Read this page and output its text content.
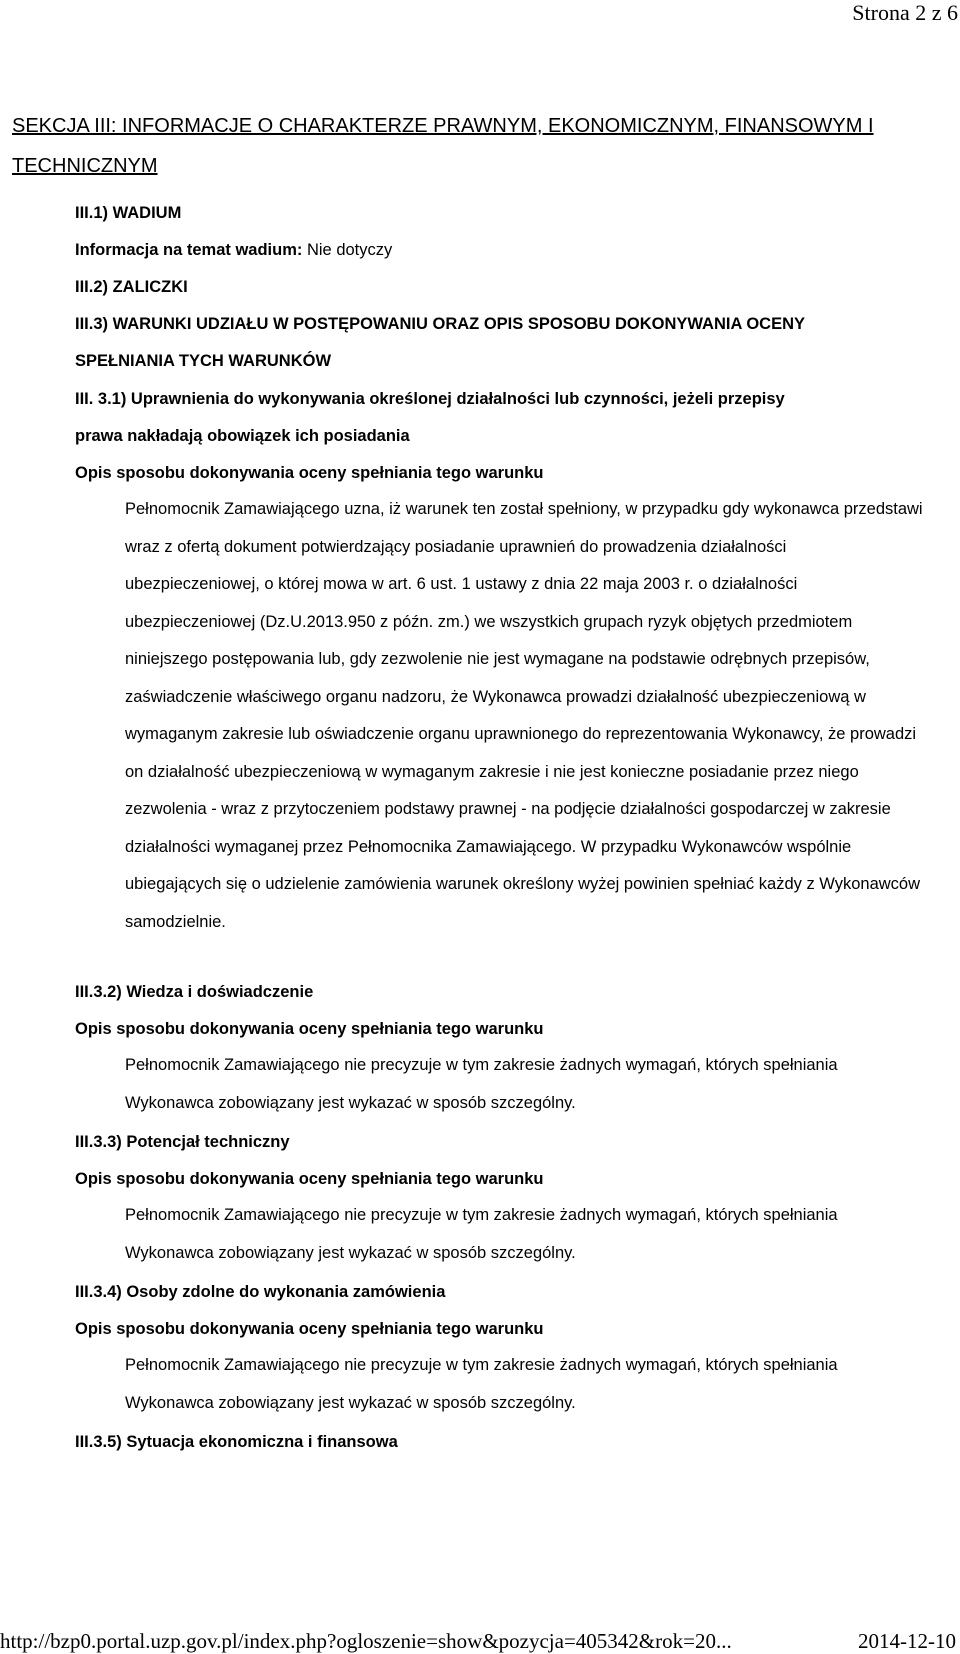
Strona 2 z 6
SEKCJA III: INFORMACJE O CHARAKTERZE PRAWNYM, EKONOMICZNYM, FINANSOWYM I TECHNICZNYM
III.1) WADIUM
Informacja na temat wadium: Nie dotyczy
III.2) ZALICZKI
III.3) WARUNKI UDZIAŁU W POSTĘPOWANIU ORAZ OPIS SPOSOBU DOKONYWANIA OCENY
SPEŁNIANIA TYCH WARUNKÓW
III. 3.1) Uprawnienia do wykonywania określonej działalności lub czynności, jeżeli przepisy
prawa nakładają obowiązek ich posiadania
Opis sposobu dokonywania oceny spełniania tego warunku
Pełnomocnik Zamawiającego uzna, iż warunek ten został spełniony, w przypadku gdy wykonawca przedstawi wraz z ofertą dokument potwierdzający posiadanie uprawnień do prowadzenia działalności ubezpieczeniowej, o której mowa w art. 6 ust. 1 ustawy z dnia 22 maja 2003 r. o działalności ubezpieczeniowej (Dz.U.2013.950 z późn. zm.) we wszystkich grupach ryzyk objętych przedmiotem niniejszego postępowania lub, gdy zezwolenie nie jest wymagane na podstawie odrębnych przepisów, zaświadczenie właściwego organu nadzoru, że Wykonawca prowadzi działalność ubezpieczeniową w wymaganym zakresie lub oświadczenie organu uprawnionego do reprezentowania Wykonawcy, że prowadzi on działalność ubezpieczeniową w wymaganym zakresie i nie jest konieczne posiadanie przez niego zezwolenia - wraz z przytoczeniem podstawy prawnej - na podjęcie działalności gospodarczej w zakresie działalności wymaganej przez Pełnomocnika Zamawiającego. W przypadku Wykonawców wspólnie ubiegających się o udzielenie zamówienia warunek określony wyżej powinien spełniać każdy z Wykonawców samodzielnie.
III.3.2) Wiedza i doświadczenie
Opis sposobu dokonywania oceny spełniania tego warunku
Pełnomocnik Zamawiającego nie precyzuje w tym zakresie żadnych wymagań, których spełniania Wykonawca zobowiązany jest wykazać w sposób szczególny.
III.3.3) Potencjał techniczny
Opis sposobu dokonywania oceny spełniania tego warunku
Pełnomocnik Zamawiającego nie precyzuje w tym zakresie żadnych wymagań, których spełniania Wykonawca zobowiązany jest wykazać w sposób szczególny.
III.3.4) Osoby zdolne do wykonania zamówienia
Opis sposobu dokonywania oceny spełniania tego warunku
Pełnomocnik Zamawiającego nie precyzuje w tym zakresie żadnych wymagań, których spełniania Wykonawca zobowiązany jest wykazać w sposób szczególny.
III.3.5) Sytuacja ekonomiczna i finansowa
http://bzp0.portal.uzp.gov.pl/index.php?ogloszenie=show&pozycja=405342&rok=20...	2014-12-10
